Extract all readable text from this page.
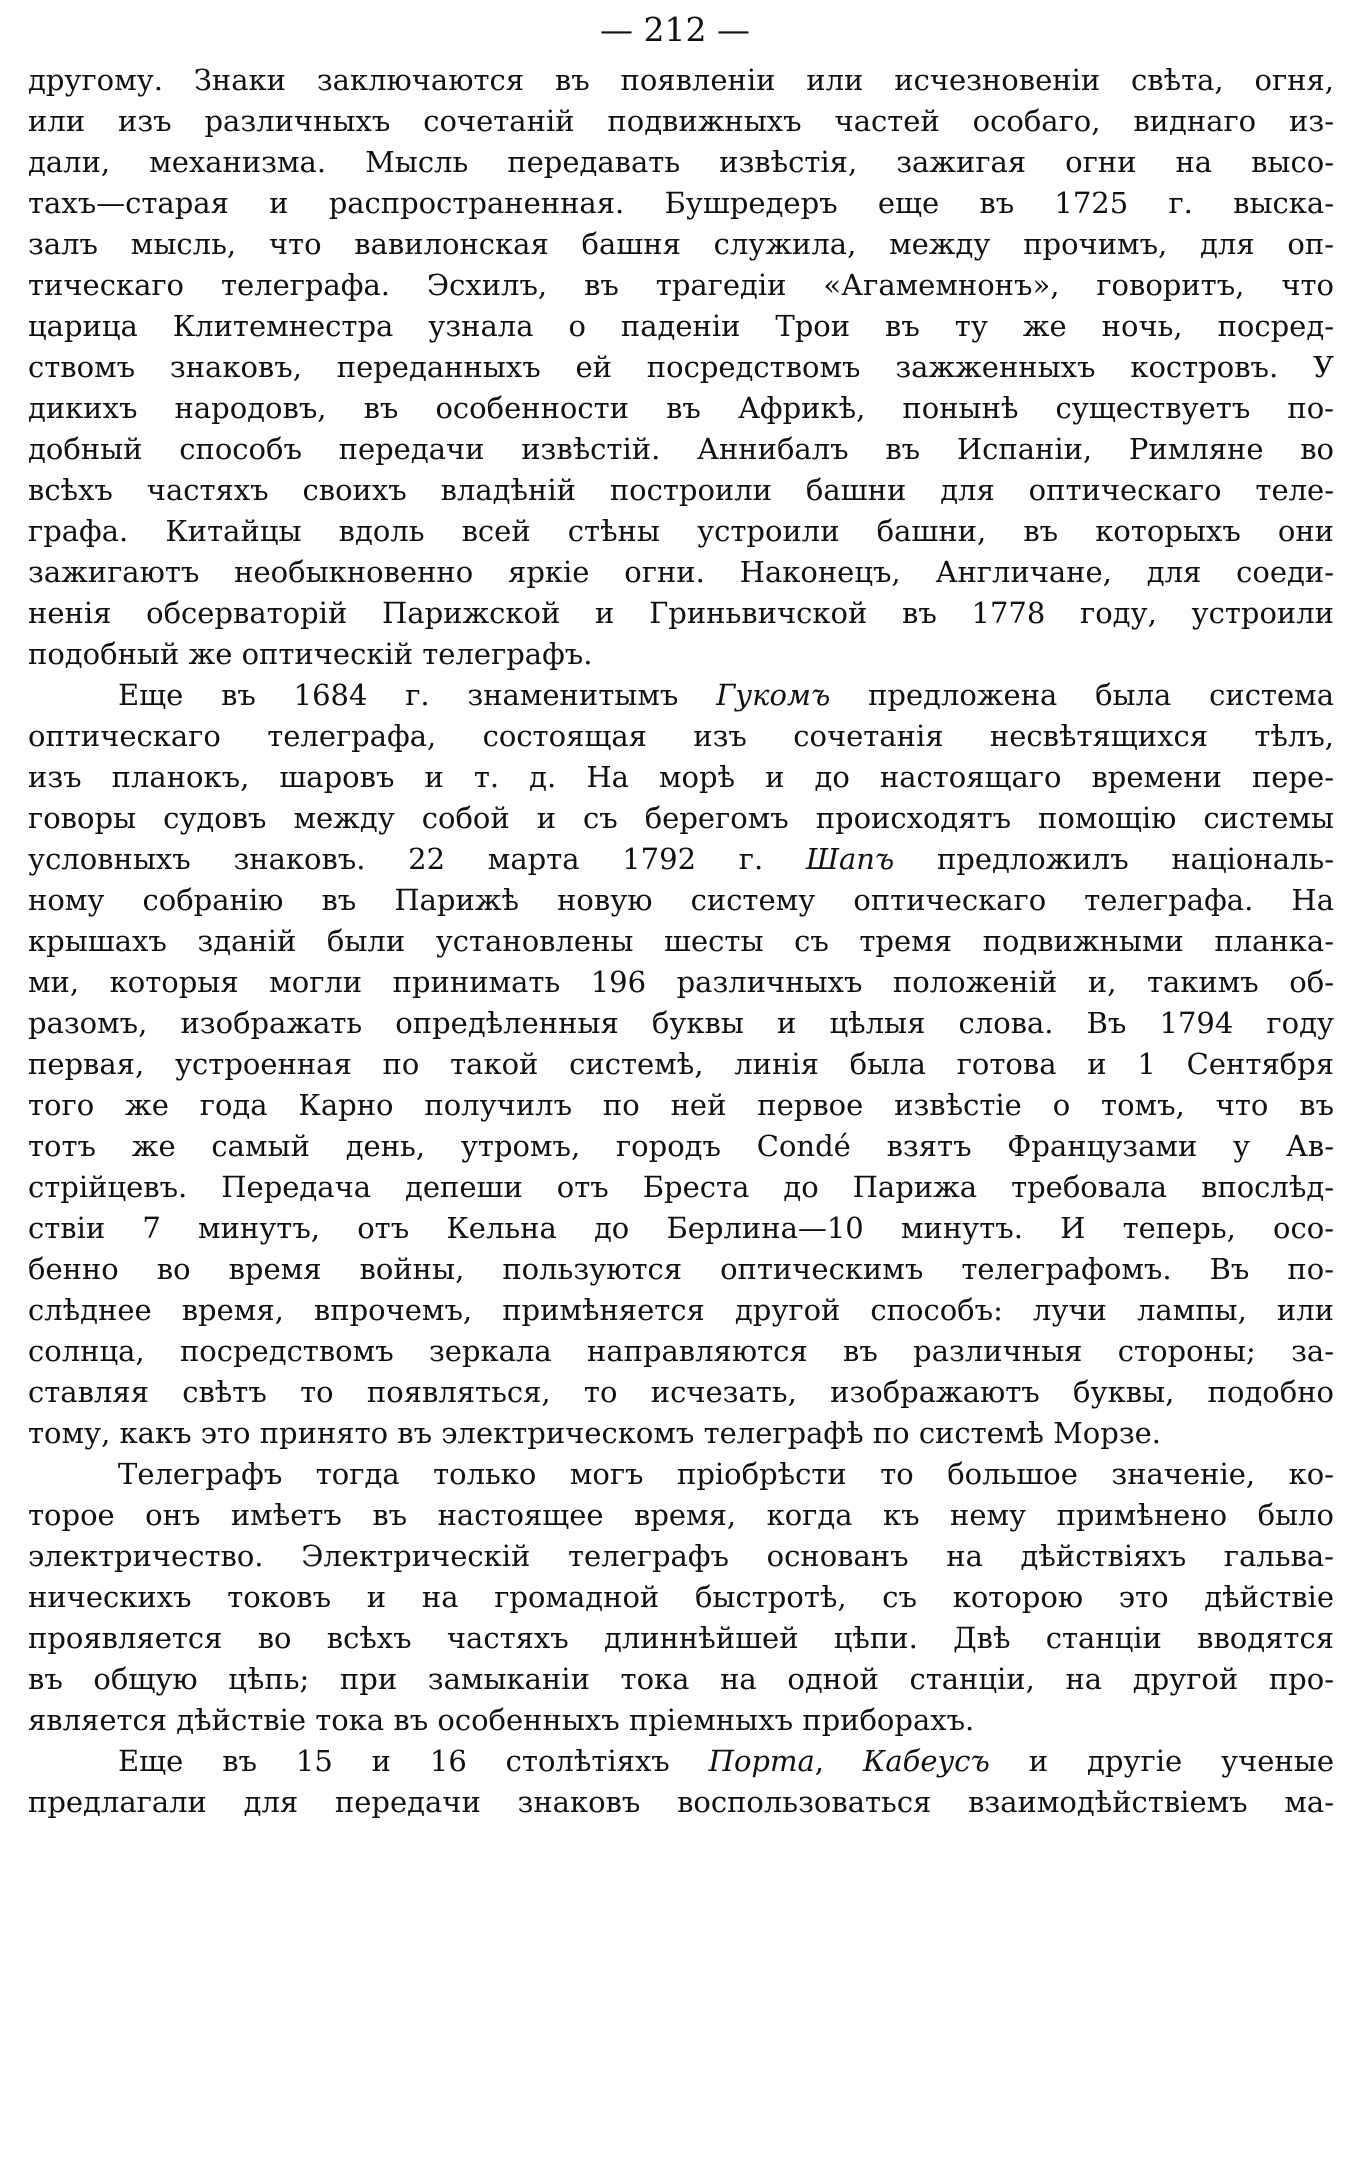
— 212 —
другому. Знаки заключаются въ появленіи или исчезновеніи свѣта, огня,
или изъ различныхъ сочетаній подвижныхъ частей особаго, виднаго из-
дали, механизма. Мысль передавать извѣстія, зажигая огни на высо-
тахъ—старая и распространенная. Бушредеръ еще въ 1725 г. выска-
залъ мысль, что вавилонская башня служила, между прочимъ, для оп-
тическаго телеграфа. Эсхилъ, въ трагедіи «Агамемнонъ», говоритъ, что
царица Клитемнестра узнала о паденіи Трои въ ту же ночь, посред-
ствомъ знаковъ, переданныхъ ей посредствомъ зажженныхъ костровъ. У
дикихъ народовъ, въ особенности въ Африкѣ, понынѣ существуетъ по-
добный способъ передачи извѣстій. Аннибалъ въ Испаніи, Римляне во
всѣхъ частяхъ своихъ владѣній построили башни для оптическаго теле-
графа. Китайцы вдоль всей стѣны устроили башни, въ которыхъ они
зажигаютъ необыкновенно яркіе огни. Наконецъ, Англичане, для соеди-
ненія обсерваторій Парижской и Гриньвичской въ 1778 году, устроили
подобный же оптическій телеграфъ.
Еще въ 1684 г. знаменитымъ Гукомъ предложена была система
оптическаго телеграфа, состоящая изъ сочетанія несвѣтящихся тѣлъ,
изъ планокъ, шаровъ и т. д. На морѣ и до настоящаго времени пере-
говоры судовъ между собой и съ берегомъ происходятъ помощію системы
условныхъ знаковъ. 22 марта 1792 г. Шапъ предложилъ національ-
ному собранію въ Парижѣ новую систему оптическаго телеграфа. На
крышахъ зданій были установлены шесты съ тремя подвижными планка-
ми, которыя могли принимать 196 различныхъ положеній и, такимъ об-
разомъ, изображать опредѣленныя буквы и цѣлыя слова. Въ 1794 году
первая, устроенная по такой системѣ, линія была готова и 1 Сентября
того же года Карно получилъ по ней первое извѣстіе о томъ, что въ
тотъ же самый день, утромъ, городъ Condé взятъ Французами у Ав-
стрійцевъ. Передача депеши отъ Бреста до Парижа требовала впослѣд-
ствіи 7 минутъ, отъ Кельна до Берлина—10 минутъ. И теперь, осо-
бенно во время войны, пользуются оптическимъ телеграфомъ. Въ по-
слѣднее время, впрочемъ, примѣняется другой способъ: лучи лампы, или
солнца, посредствомъ зеркала направляются въ различныя стороны; за-
ставляя свѣтъ то появляться, то исчезать, изображаютъ буквы, подобно
тому, какъ это принято въ электрическомъ телеграфѣ по системѣ Морзе.
Телеграфъ тогда только могъ пріобрѣсти то большое значеніе, ко-
торое онъ имѣетъ въ настоящее время, когда къ нему примѣнено было
электричество. Электрическій телеграфъ основанъ на дѣйствіяхъ гальва-
ническихъ токовъ и на громадной быстротѣ, съ которою это дѣйствіе
проявляется во всѣхъ частяхъ длиннѣйшей цѣпи. Двѣ станціи вводятся
въ общую цѣпь; при замыканіи тока на одной станціи, на другой про-
является дѣйствіе тока въ особенныхъ пріемныхъ приборахъ.
Еще въ 15 и 16 столѣтіяхъ Порта, Кабеусъ и другіе ученые
предлагали для передачи знаковъ воспользоваться взаимодѣйствіемъ ма-
